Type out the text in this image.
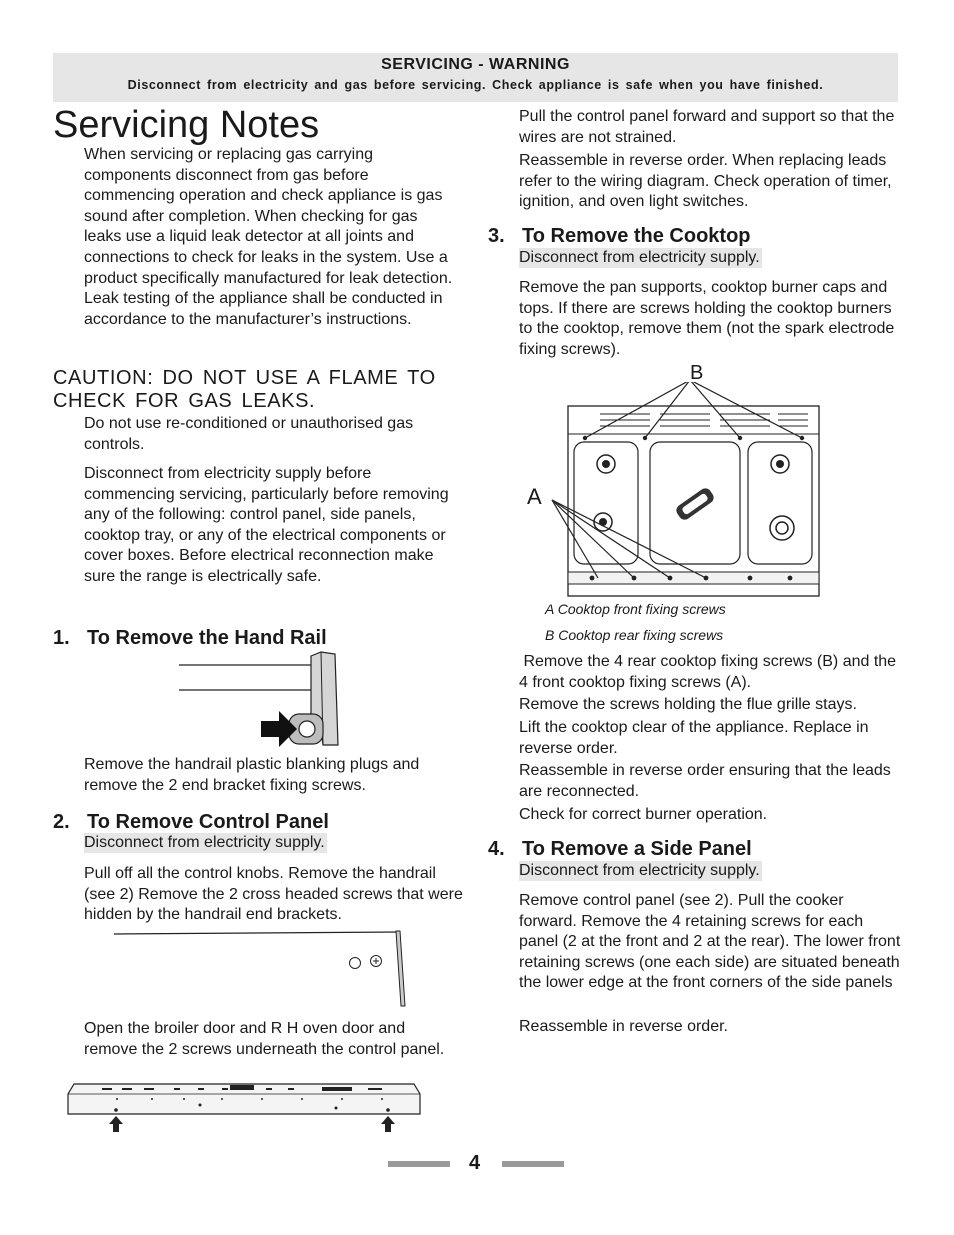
SERVICING - WARNING
Disconnect from electricity and gas before servicing. Check appliance is safe when you have finished.
Servicing Notes

When servicing or replacing gas carrying components disconnect from gas before commencing operation and check appliance is gas sound after completion. When checking for gas leaks use a liquid leak detector at all joints and connections to check for leaks in the system. Use a product specifically manufactured for leak detection. Leak testing of the appliance shall be conducted in accordance to the manufacturer’s instructions.

CAUTION: DO NOT USE A FLAME TO CHECK FOR GAS LEAKS.

Do not use re-conditioned or unauthorised gas controls.

Disconnect from electricity supply before commencing servicing, particularly before removing any of the following: control panel, side panels, cooktop tray, or any of the electrical components or cover boxes. Before electrical reconnection make sure the range is electrically safe.

1. To Remove the Hand Rail

Remove the handrail plastic blanking plugs and remove the 2 end bracket fixing screws.

2. To Remove Control Panel
Disconnect from electricity supply.

Pull off all the control knobs. Remove the handrail (see 2) Remove the 2 cross headed screws that were hidden by the handrail end brackets.

Open the broiler door and R H oven door and remove the 2 screws underneath the control panel.

Pull the control panel forward and support so that the wires are not strained.

Reassemble in reverse order. When replacing leads refer to the wiring diagram. Check operation of timer, ignition, and oven light switches.

3. To Remove the Cooktop
Disconnect from electricity supply.

Remove the pan supports, cooktop burner caps and tops. If there are screws holding the cooktop burners to the cooktop, remove them (not the spark electrode fixing screws).

B
A
A Cooktop front fixing screws
B Cooktop rear fixing screws

Remove the 4 rear cooktop fixing screws (B) and the 4 front cooktop fixing screws (A).

Remove the screws holding the flue grille stays.

Lift the cooktop clear of the appliance. Replace in reverse order.

Reassemble in reverse order ensuring that the leads are reconnected.

Check for correct burner operation.

4. To Remove a Side Panel
Disconnect from electricity supply.

Remove control panel (see 2). Pull the cooker forward. Remove the 4 retaining screws for each panel (2 at the front and 2 at the rear). The lower front retaining screws (one each side) are situated beneath the lower edge at the front corners of the side panels

Reassemble in reverse order.

4
